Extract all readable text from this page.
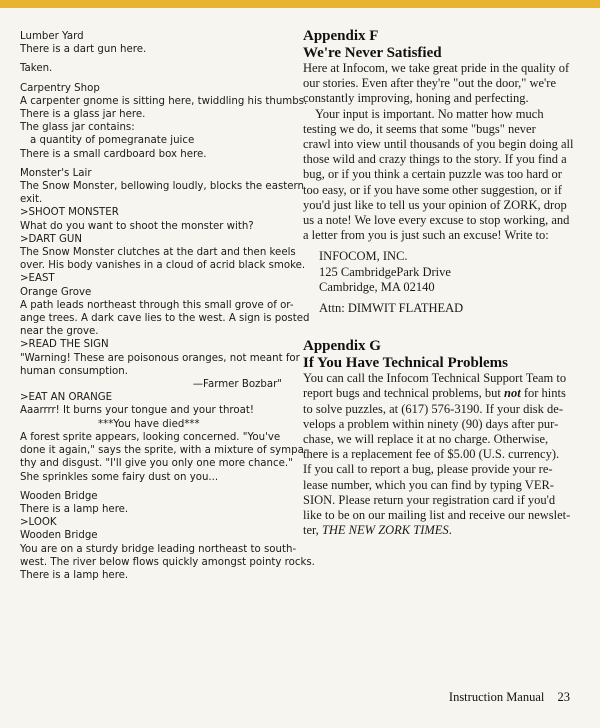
Lumber Yard
There is a dart gun here.
Taken.
Carpentry Shop
A carpenter gnome is sitting here, twiddling his thumbs.
There is a glass jar here.
The glass jar contains:
a quantity of pomegranate juice
There is a small cardboard box here.
Monster's Lair
The Snow Monster, bellowing loudly, blocks the eastern
exit.
>SHOOT MONSTER
What do you want to shoot the monster with?
>DART GUN
The Snow Monster clutches at the dart and then keels
over. His body vanishes in a cloud of acrid black smoke.
>EAST
Orange Grove
A path leads northeast through this small grove of or-
ange trees. A dark cave lies to the west. A sign is posted
near the grove.
>READ THE SIGN
"Warning! These are poisonous oranges, not meant for
human consumption.
—Farmer Bozbar"
>EAT AN ORANGE
Aaarrrr! It burns your tongue and your throat!
***You have died***
A forest sprite appears, looking concerned. "You've
done it again," says the sprite, with a mixture of sympa-
thy and disgust. "I'll give you only one more chance."
She sprinkles some fairy dust on you...
Wooden Bridge
There is a lamp here.
>LOOK
Wooden Bridge
You are on a sturdy bridge leading northeast to south-
west. The river below flows quickly amongst pointy rocks.
There is a lamp here.
Appendix F
We're Never Satisfied
Here at Infocom, we take great pride in the quality of
our stories. Even after they're "out the door," we're
constantly improving, honing and perfecting.
Your input is important. No matter how much
testing we do, it seems that some "bugs" never
crawl into view until thousands of you begin doing all
those wild and crazy things to the story. If you find a
bug, or if you think a certain puzzle was too hard or
too easy, or if you have some other suggestion, or if
you'd just like to tell us your opinion of ZORK, drop
us a note! We love every excuse to stop working, and
a letter from you is just such an excuse! Write to:
INFOCOM, INC.
125 CambridgePark Drive
Cambridge, MA 02140
Attn: DIMWIT FLATHEAD
Appendix G
If You Have Technical Problems
You can call the Infocom Technical Support Team to
report bugs and technical problems, but not for hints
to solve puzzles, at (617) 576-3190. If your disk de-
velops a problem within ninety (90) days after pur-
chase, we will replace it at no charge. Otherwise,
there is a replacement fee of $5.00 (U.S. currency).
If you call to report a bug, please provide your re-
lease number, which you can find by typing VER-
SION. Please return your registration card if you'd
like to be on our mailing list and receive our newslet-
ter, THE NEW ZORK TIMES.
Instruction Manual 23
